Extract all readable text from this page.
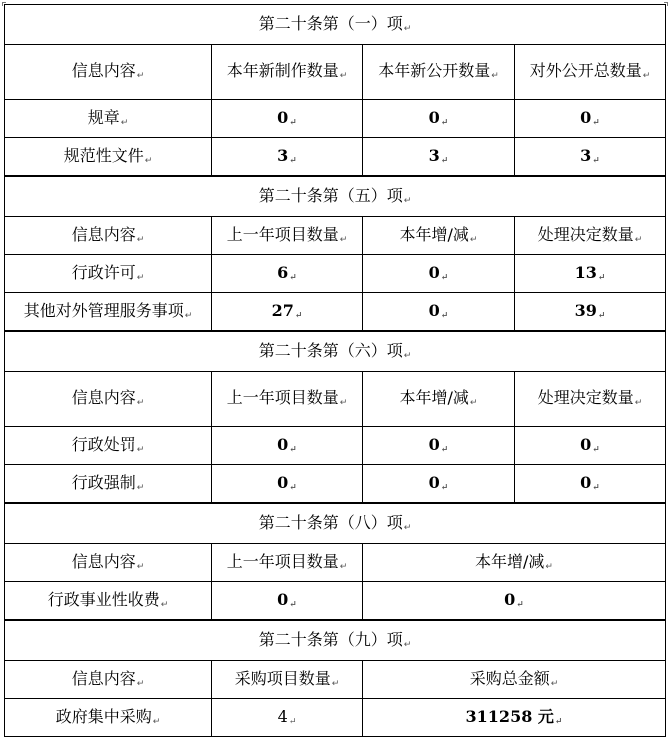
第二十条第（一）项↵			
信息内容↵	本年新制作数量↵	本年新公开数量↵	对外公开总数量↵
规章↵	0↵	0↵	0↵
规范性文件↵	3↵	3↵	3↵
第二十条第（五）项↵			
信息内容↵	上一年项目数量↵	本年增/减↵	处理决定数量↵
行政许可↵	6↵	0↵	13↵
其他对外管理服务事项↵	27↵	0↵	39↵
第二十条第（六）项↵			
信息内容↵	上一年项目数量↵	本年增/减↵	处理决定数量↵
行政处罚↵	0↵	0↵	0↵
行政强制↵	0↵	0↵	0↵
第二十条第（八）项↵		
信息内容↵	上一年项目数量↵	本年增/减↵
行政事业性收费↵	0↵	0↵
第二十条第（九）项↵		
信息内容↵	采购项目数量↵	采购总金额↵
政府集中采购↵	4↵	311258 元↵
